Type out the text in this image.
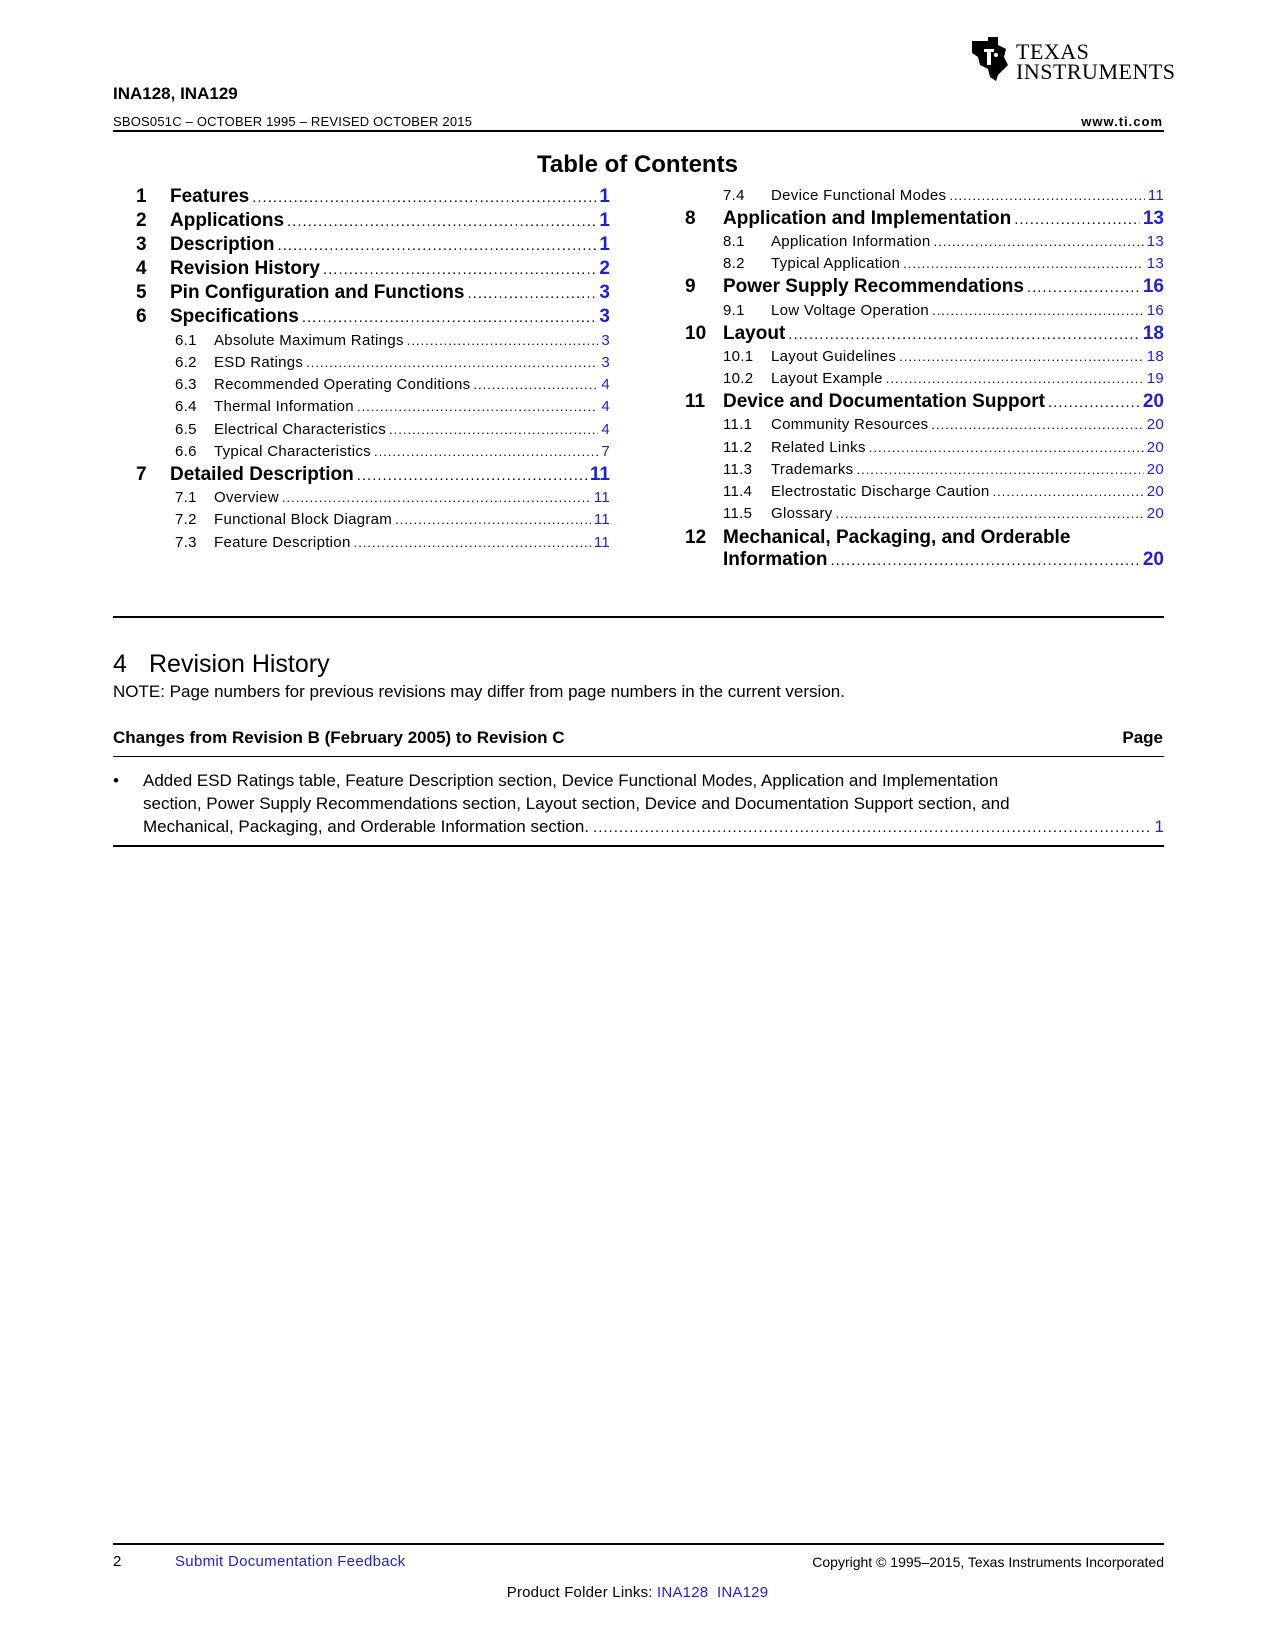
TEXAS
INSTRUMENTS
INA128, INA129
SBOS051C – OCTOBER 1995 – REVISED OCTOBER 2015	www.ti.com
Table of Contents
1	Features .....	1
2	Applications .....	1
3	Description .....	1
4	Revision History .....	2
5	Pin Configuration and Functions .....	3
6	Specifications .....	3
6.1	Absolute Maximum Ratings .....	3
6.2	ESD Ratings .....	3
6.3	Recommended Operating Conditions .....	4
6.4	Thermal Information .....	4
6.5	Electrical Characteristics .....	4
6.6	Typical Characteristics .....	7
7	Detailed Description .....	11
7.1	Overview .....	11
7.2	Functional Block Diagram .....	11
7.3	Feature Description .....	11
7.4	Device Functional Modes .....	11
8	Application and Implementation .....	13
8.1	Application Information .....	13
8.2	Typical Application .....	13
9	Power Supply Recommendations .....	16
9.1	Low Voltage Operation .....	16
10 Layout .....	18
10.1	Layout Guidelines .....	18
10.2	Layout Example .....	19
11 Device and Documentation Support .....	20
11.1	Community Resources .....	20
11.2	Related Links .....	20
11.3	Trademarks .....	20
11.4	Electrostatic Discharge Caution .....	20
11.5	Glossary .....	20
12 Mechanical, Packaging, and Orderable
Information .....	20
4 Revision History
NOTE: Page numbers for previous revisions may differ from page numbers in the current version.
Changes from Revision B (February 2005) to Revision C	Page
• Added ESD Ratings table, Feature Description section, Device Functional Modes, Application and Implementation
section, Power Supply Recommendations section, Layout section, Device and Documentation Support section, and
Mechanical, Packaging, and Orderable Information section. .....	1
2	Submit Documentation Feedback	Copyright © 1995–2015, Texas Instruments Incorporated
Product Folder Links: INA128 INA129
